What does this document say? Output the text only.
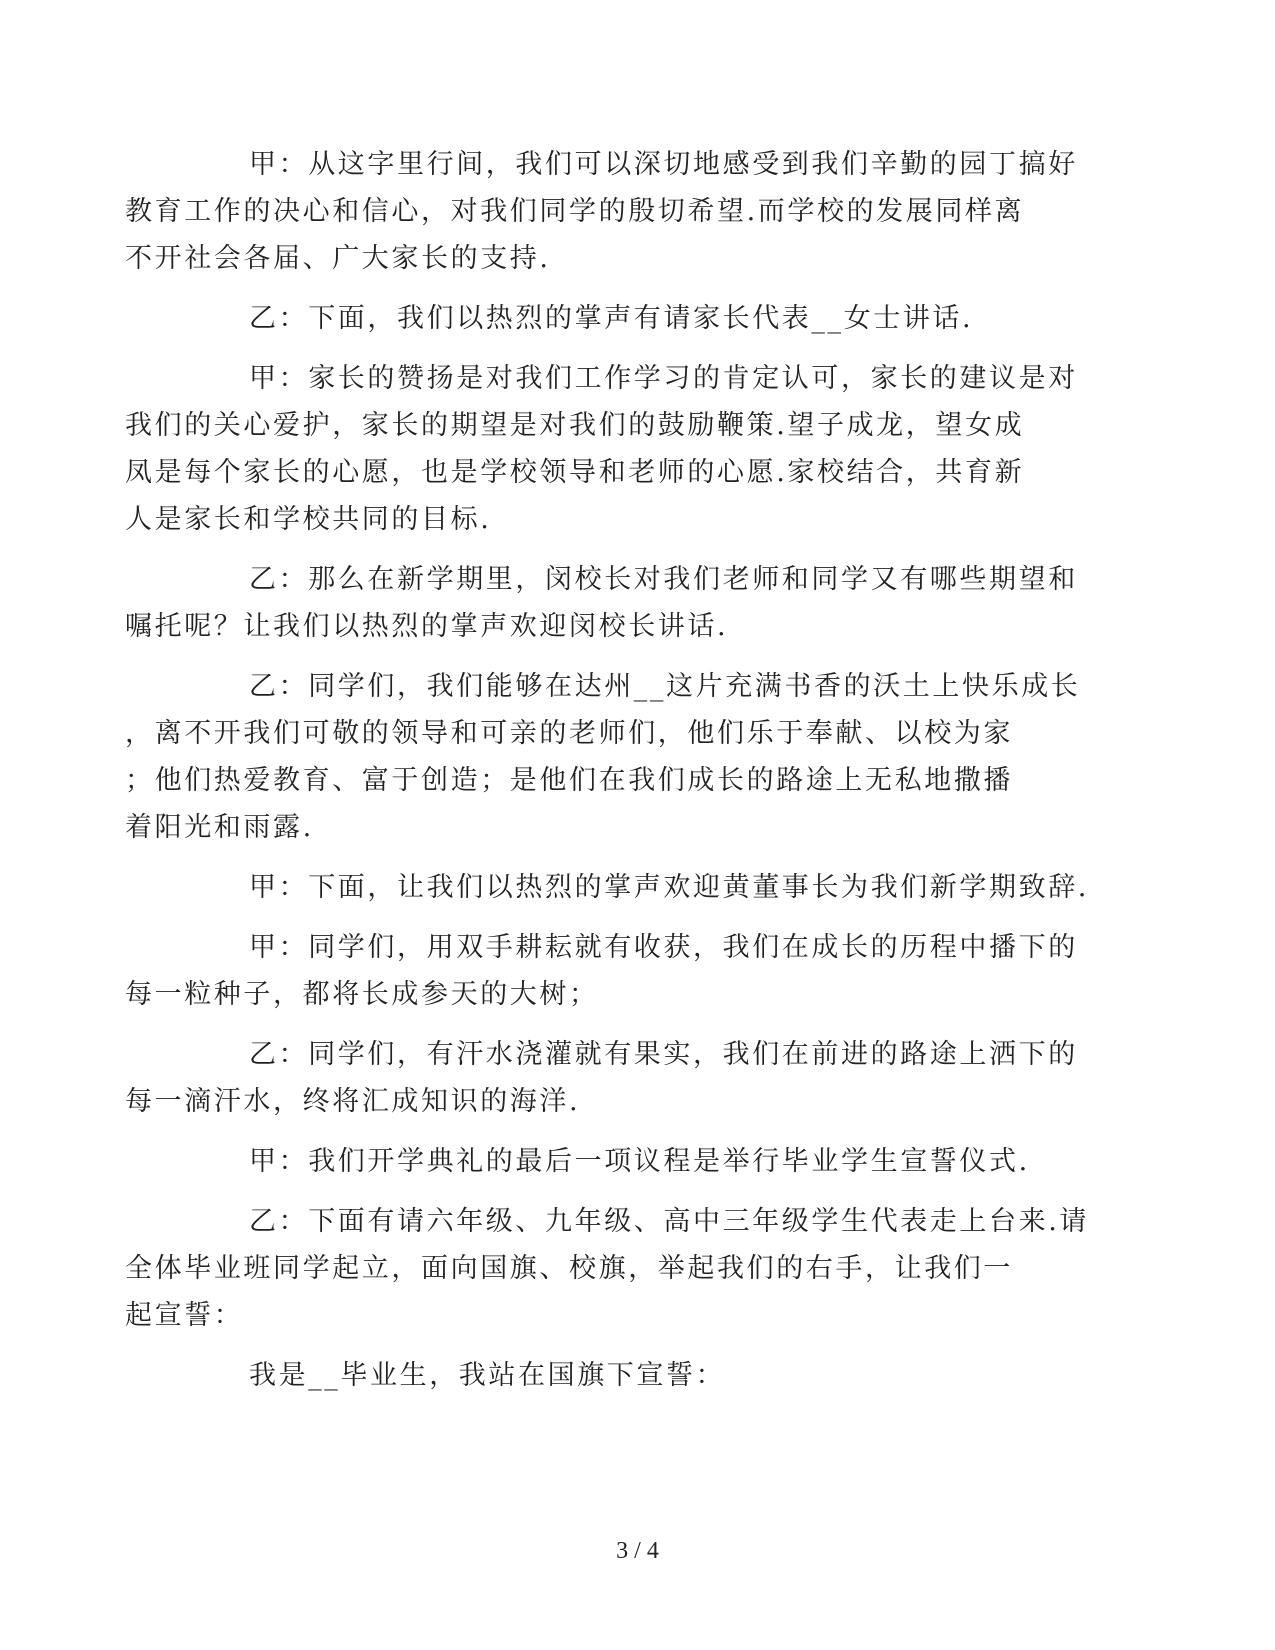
甲：从这字里行间，我们可以深切地感受到我们辛勤的园丁搞好
教育工作的决心和信心，对我们同学的殷切希望.而学校的发展同样离
不开社会各届、广大家长的支持.

乙：下面，我们以热烈的掌声有请家长代表__女士讲话.

甲：家长的赞扬是对我们工作学习的肯定认可，家长的建议是对
我们的关心爱护，家长的期望是对我们的鼓励鞭策.望子成龙，望女成
凤是每个家长的心愿，也是学校领导和老师的心愿.家校结合，共育新
人是家长和学校共同的目标.

乙：那么在新学期里，闵校长对我们老师和同学又有哪些期望和
嘱托呢？让我们以热烈的掌声欢迎闵校长讲话.

乙：同学们，我们能够在达州__这片充满书香的沃土上快乐成长
，离不开我们可敬的领导和可亲的老师们，他们乐于奉献、以校为家
；他们热爱教育、富于创造；是他们在我们成长的路途上无私地撒播
着阳光和雨露.

甲：下面，让我们以热烈的掌声欢迎黄董事长为我们新学期致辞.

甲：同学们，用双手耕耘就有收获，我们在成长的历程中播下的
每一粒种子，都将长成参天的大树；

乙：同学们，有汗水浇灌就有果实，我们在前进的路途上洒下的
每一滴汗水，终将汇成知识的海洋.

甲：我们开学典礼的最后一项议程是举行毕业学生宣誓仪式.

乙：下面有请六年级、九年级、高中三年级学生代表走上台来.请
全体毕业班同学起立，面向国旗、校旗，举起我们的右手，让我们一
起宣誓：

我是__毕业生，我站在国旗下宣誓：

3 / 4
